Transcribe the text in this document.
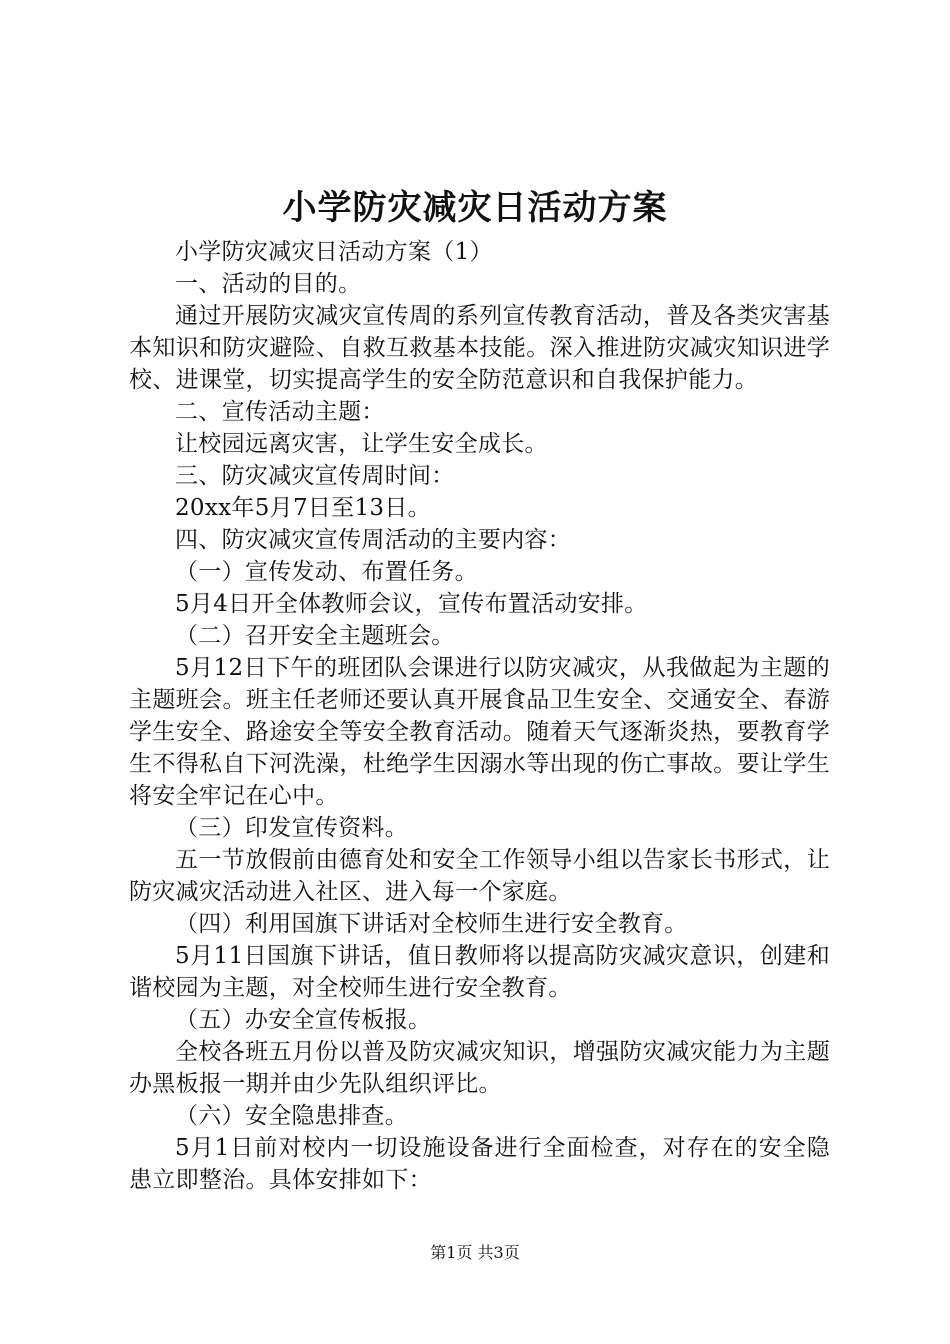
小学防灾减灾日活动方案

小学防灾减灾日活动方案（1）

一、活动的目的。

通过开展防灾减灾宣传周的系列宣传教育活动，普及各类灾害基本知识和防灾避险、自救互救基本技能。深入推进防灾减灾知识进学校、进课堂，切实提高学生的安全防范意识和自我保护能力。

二、宣传活动主题：

让校园远离灾害，让学生安全成长。

三、防灾减灾宣传周时间：

20xx年5月7日至13日。

四、防灾减灾宣传周活动的主要内容：

（一）宣传发动、布置任务。

5月4日开全体教师会议，宣传布置活动安排。

（二）召开安全主题班会。

5月12日下午的班团队会课进行以防灾减灾，从我做起为主题的主题班会。班主任老师还要认真开展食品卫生安全、交通安全、春游学生安全、路途安全等安全教育活动。随着天气逐渐炎热，要教育学生不得私自下河洗澡，杜绝学生因溺水等出现的伤亡事故。要让学生将安全牢记在心中。

（三）印发宣传资料。

五一节放假前由德育处和安全工作领导小组以告家长书形式，让防灾减灾活动进入社区、进入每一个家庭。

（四）利用国旗下讲话对全校师生进行安全教育。

5月11日国旗下讲话，值日教师将以提高防灾减灾意识，创建和谐校园为主题，对全校师生进行安全教育。

（五）办安全宣传板报。

全校各班五月份以普及防灾减灾知识，增强防灾减灾能力为主题办黑板报一期并由少先队组织评比。

（六）安全隐患排查。

5月1日前对校内一切设施设备进行全面检查，对存在的安全隐患立即整治。具体安排如下：

第1页 共3页
